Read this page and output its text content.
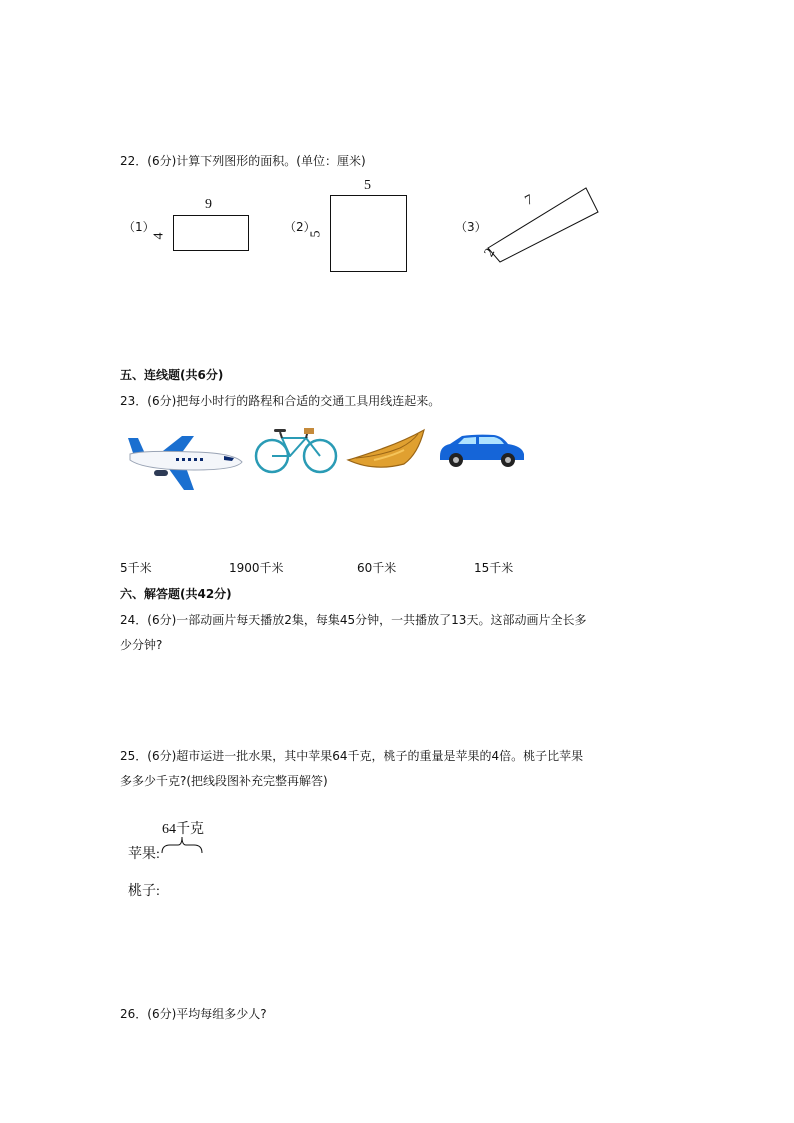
22．(6分)计算下列图形的面积。(单位：厘米)
（1）
9
4
（2）
5
5	（3）
7
2
五、连线题(共6分)
23．(6分)把每小时行的路程和合适的交通工具用线连起来。
5千米	1900千米	60千米	15千米
六、解答题(共42分)
24．(6分)一部动画片每天播放2集，每集45分钟，一共播放了13天。这部动画片全长多
少分钟?
25．(6分)超市运进一批水果，其中苹果64千克，桃子的重量是苹果的4倍。桃子比苹果
多多少千克?(把线段图补充完整再解答)
64千克
苹果:
桃子:
26．(6分)平均每组多少人?
